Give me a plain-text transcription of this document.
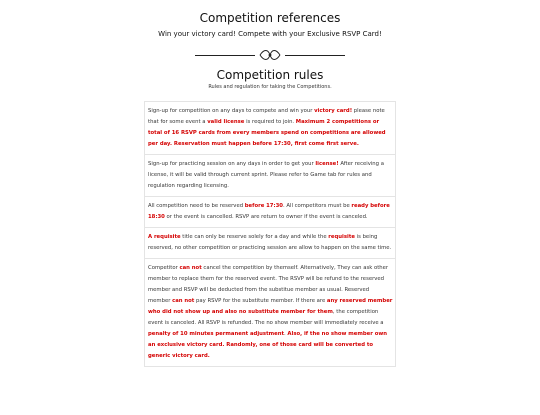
Competition references
Win your victory card! Compete with your Exclusive RSVP Card!
Competition rules
Rules and regulation for taking the Competitions.
Sign-up for competition on any days to compete and win your victory card! please note that for some event a valid license is required to join. Maximum 2 competitions or total of 16 RSVP cards from every members spend on competitions are allowed per day. Reservation must happen before 17:30, first come first serve.
Sign-up for practicing session on any days in order to get your license! After receiving a license, it will be valid through current sprint. Please refer to Game tab for rules and regulation regarding licensing.
All competition need to be reserved before 17:30. All competitors must be ready before 18:30 or the event is cancelled. RSVP are return to owner if the event is canceled.
A requisite title can only be reserve solely for a day and while the requisite is being reserved, no other competition or practicing session are allow to happen on the same time.
Competitor can not cancel the competition by themself. Alternatively, They can ask other member to replace them for the reserved event. The RSVP will be refund to the reserved member and RSVP will be deducted from the substitue member as usual. Reserved member can not pay RSVP for the substitute member. If there are any reserved member who did not show up and also no substitute member for them, the competition event is canceled. All RSVP is refunded. The no show member will immediately receive a penalty of 10 minutes permanent adjustment. Also, if the no show member own an exclusive victory card. Randomly, one of those card will be converted to generic victory card.
